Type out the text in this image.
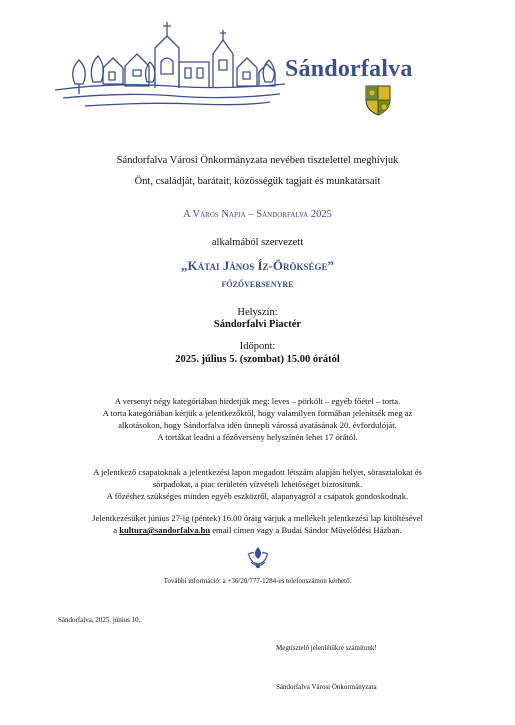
Sándorfalva
Sándorfalva Városi Önkormányzata nevében tisztelettel meghívjuk
Önt, családját, barátait, közösségük tagjait és munkatársait
A Város Napja – Sándorfalva 2025
alkalmából szervezett
„Kátai János Íz-Öröksége”
főzőversenyre
Helyszín:
Sándorfalvi Piactér
Időpont:
2025. július 5. (szombat) 15.00 órától
A versenyt négy kategóriában hirdetjük meg: leves – pörkölt – egyéb főétel – torta.
A torta kategóriában kérjük a jelentkezőktől, hogy valamilyen formában jelenítsék meg az
alkotásokon, hogy Sándorfalva idén ünnepli várossá avatásának 20. évfordulóját.
A tortákat leadni a főzőverseny helyszínén lehet 17 órától.
A jelentkező csapatoknak a jelentkezési lapon megadott létszám alapján helyet, sörasztalokat és
sörpadokat, a piac területén vízvételi lehetőséget biztosítunk.
A főzéshez szükséges minden egyéb eszközről, alapanyagról a csapatok gondoskodnak.
Jelentkezésüket június 27-ig (péntek) 16.00 óráig várjuk a mellékelt jelentkezési lap kitöltésével
a kultura@sandorfalva.hu email címen vagy a Budai Sándor Művelődési Házban.
További információ: a +36/20/777-1284-es telefonszámon kérhető.
Sándorfalva, 2025. június 10.
Megtisztelő jelenlétükre számítunk!
Sándorfalva Városi Önkormányzata
